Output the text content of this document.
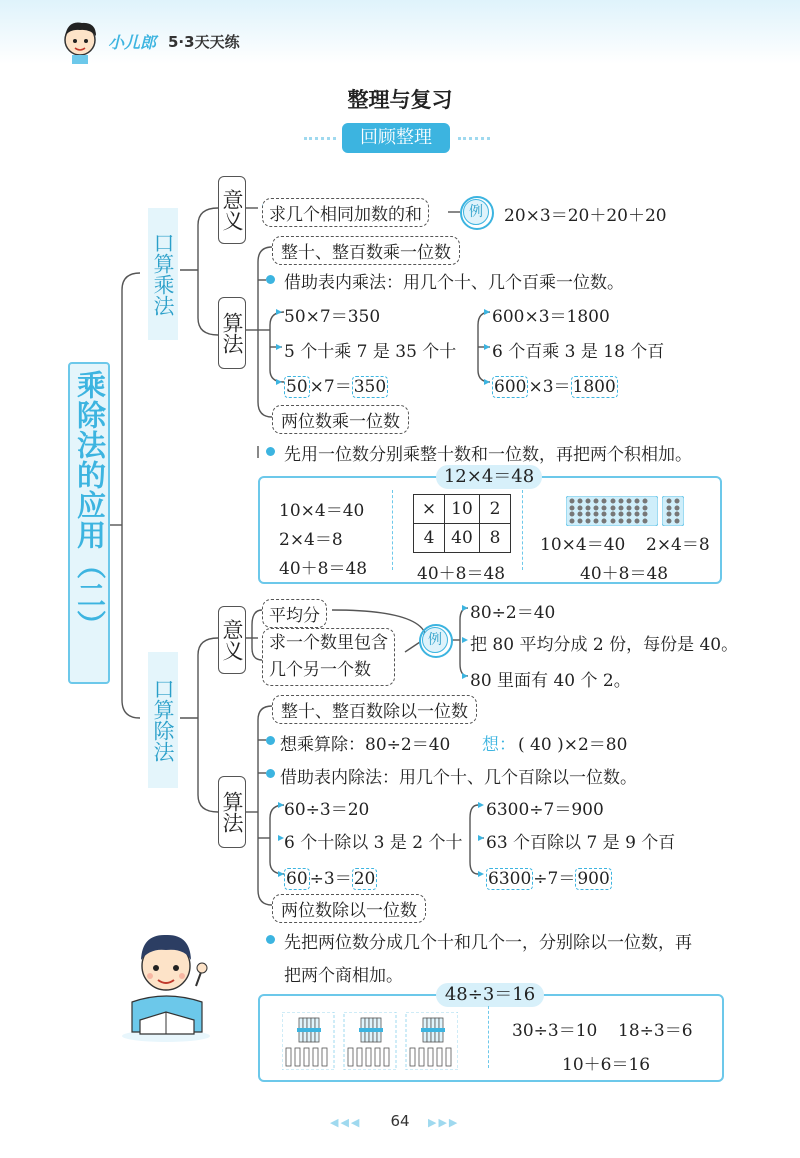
小儿郎 5·3天天练
整理与复习
回顾整理
乘除法的应用（二）
口算乘法
意义	求几个相同加数的和	例	20×3＝20＋20＋20
算法
整十、整百数乘一位数
借助表内乘法：用几个十、几个百乘一位数。
50×7＝350
5 个十乘 7 是 35 个十
50 ×7＝ 350
600×3＝1800
6 个百乘 3 是 18 个百
600 ×3＝ 1800
两位数乘一位数
先用一位数分别乘整十数和一位数，再把两个积相加。
12×4＝48
10×4＝40
2×4＝8
40＋8＝48
×	10	2
4	40	8
40＋8＝48
10×4＝40 2×4＝8
40＋8＝48
口算除法
意义
平均分
求一个数里包含
几个另一个数
例
80÷2＝40
把 80 平均分成 2 份，每份是 40。
80 里面有 40 个 2。
算法
整十、整百数除以一位数
想乘算除：80÷2＝40 想： ( 40 )×2＝80
借助表内除法：用几个十、几个百除以一位数。
60÷3＝20
6 个十除以 3 是 2 个十
60 ÷3＝ 20
6300÷7＝900
63 个百除以 7 是 9 个百
6300 ÷7＝ 900
两位数除以一位数
先把两位数分成几个十和几个一，分别除以一位数，再
把两个商相加。
48÷3＝16
30÷3＝10 18÷3＝6
10＋6＝16
◀◀◀	64	▶▶▶
